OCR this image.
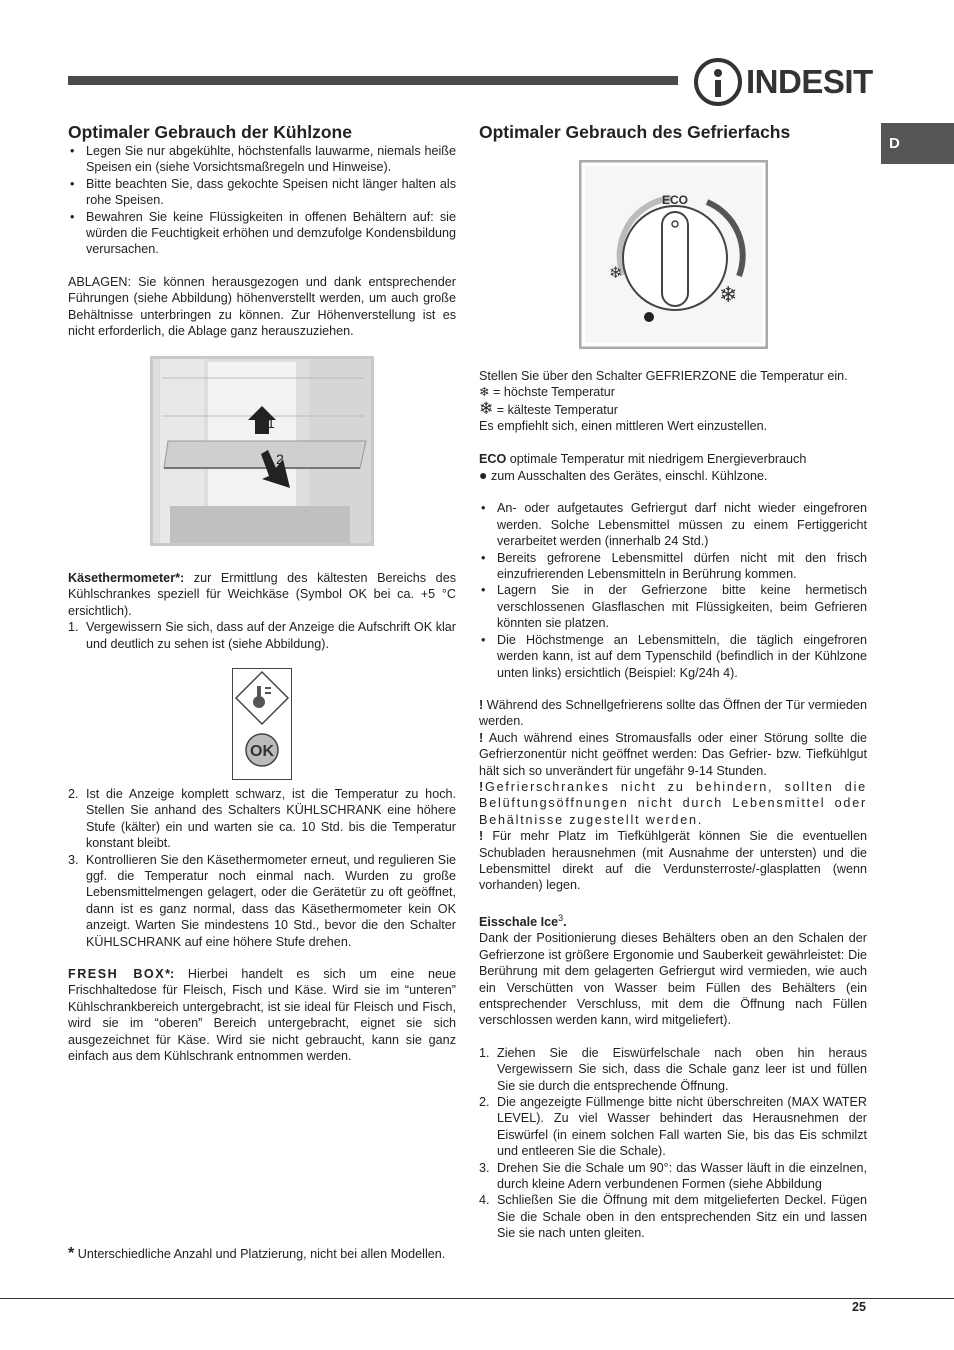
INDESIT
D
Optimaler Gebrauch der Kühlzone

• Legen Sie nur abgekühlte, höchstenfalls lauwarme, niemals heiße Speisen ein (siehe Vorsichtsmaßregeln und Hinweise).

• Bitte beachten Sie, dass gekochte Speisen nicht länger halten als rohe Speisen.

• Bewahren Sie keine Flüssigkeiten in offenen Behältern auf: sie würden die Feuchtigkeit erhöhen und demzufolge Kondensbildung verursachen.

ABLAGEN: Sie können herausgezogen und dank entsprechender Führungen (siehe Abbildung) höhenverstellt werden, um auch große Behältnisse unterbringen zu können. Zur Höhenverstellung ist es nicht erforderlich, die Ablage ganz herauszuziehen.

1
2

Käsethermometer*: zur Ermittlung des kältesten Bereichs des Kühlschrankes speziell für Weichkäse (Symbol OK bei ca. +5 °C ersichtlich).

1. Vergewissern Sie sich, dass auf der Anzeige die Aufschrift OK klar und deutlich zu sehen ist (siehe Abbildung).

OK

2. Ist die Anzeige komplett schwarz, ist die Temperatur zu hoch. Stellen Sie anhand des Schalters KÜHLSCHRANK eine höhere Stufe (kälter) ein und warten sie ca. 10 Std. bis die Temperatur konstant bleibt.

3. Kontrollieren Sie den Käsethermometer erneut, und regulieren Sie ggf. die Temperatur noch einmal nach. Wurden zu große Lebensmittelmengen gelagert, oder die Gerätetür zu oft geöffnet, dann ist es ganz normal, dass das Käsethermometer kein OK anzeigt. Warten Sie mindestens 10 Std., bevor die den Schalter KÜHLSCHRANK auf eine höhere Stufe drehen.

FRESH BOX*: Hierbei handelt es sich um eine neue Frischhaltedose für Fleisch, Fisch und Käse. Wird sie im “unteren” Kühlschrankbereich untergebracht, ist sie ideal für Fleisch und Fisch, wird sie im “oberen” Bereich untergebracht, eignet sie sich ausgezeichnet für Käse. Wird sie nicht gebraucht, kann sie ganz einfach aus dem Kühlschrank entnommen werden.

* Unterschiedliche Anzahl und Platzierung, nicht bei allen Modellen.

Optimaler Gebrauch des Gefrierfachs
ECO
❄
❄

Stellen Sie über den Schalter GEFRIERZONE die Temperatur ein.

❄ = höchste Temperatur

❄ = kälteste Temperatur

Es empfiehlt sich, einen mittleren Wert einzustellen.

ECO optimale Temperatur mit niedrigem Energieverbrauch

● zum Ausschalten des Gerätes, einschl. Kühlzone.

• An- oder aufgetautes Gefriergut darf nicht wieder eingefroren werden. Solche Lebensmittel müssen zu einem Fertiggericht verarbeitet werden (innerhalb 24 Std.)

• Bereits gefrorene Lebensmittel dürfen nicht mit den frisch einzufrierenden Lebensmitteln in Berührung kommen.

• Lagern Sie in der Gefrierzone bitte keine hermetisch verschlossenen Glasflaschen mit Flüssigkeiten, beim Gefrieren könnten sie platzen.

• Die Höchstmenge an Lebensmitteln, die täglich eingefroren werden kann, ist auf dem Typenschild (befindlich in der Kühlzone unten links) ersichtlich (Beispiel: Kg/24h 4).

! Während des Schnellgefrierens sollte das Öffnen der Tür vermieden werden.

! Auch während eines Stromausfalls oder einer Störung sollte die Gefrierzonentür nicht geöffnet werden: Das Gefrier- bzw. Tiefkühlgut hält sich so unverändert für ungefähr 9-14 Stunden.

!Gefrierschrankes nicht zu behindern, sollten die Belüftungsöffnungen nicht durch Lebensmittel oder Behältnisse zugestellt werden.

! Für mehr Platz im Tiefkühlgerät können Sie die eventuellen Schubladen herausnehmen (mit Ausnahme der untersten) und die Lebensmittel direkt auf die Verdunsterroste/-glasplatten (wenn vorhanden) legen.

Eisschale Ice$^3$.

Dank der Positionierung dieses Behälters oben an den Schalen der Gefrierzone ist größere Ergonomie und Sauberkeit gewährleistet: Die Berührung mit dem gelagerten Gefriergut wird vermieden, wie auch ein Verschütten von Wasser beim Füllen des Behälters (ein entsprechender Verschluss, mit dem die Öffnung nach Füllen verschlossen werden kann, wird mitgeliefert).

1. Ziehen Sie die Eiswürfelschale nach oben hin heraus Vergewissern Sie sich, dass die Schale ganz leer ist und füllen Sie sie durch die entsprechende Öffnung.

2. Die angezeigte Füllmenge bitte nicht überschreiten (MAX WATER LEVEL). Zu viel Wasser behindert das Herausnehmen der Eiswürfel (in einem solchen Fall warten Sie, bis das Eis schmilzt und entleeren Sie die Schale).

3. Drehen Sie die Schale um 90°: das Wasser läuft in die einzelnen, durch kleine Adern verbundenen Formen (siehe Abbildung

4. Schließen Sie die Öffnung mit dem mitgelieferten Deckel. Fügen Sie die Schale oben in den entsprechenden Sitz ein und lassen Sie sie nach unten gleiten.

25
